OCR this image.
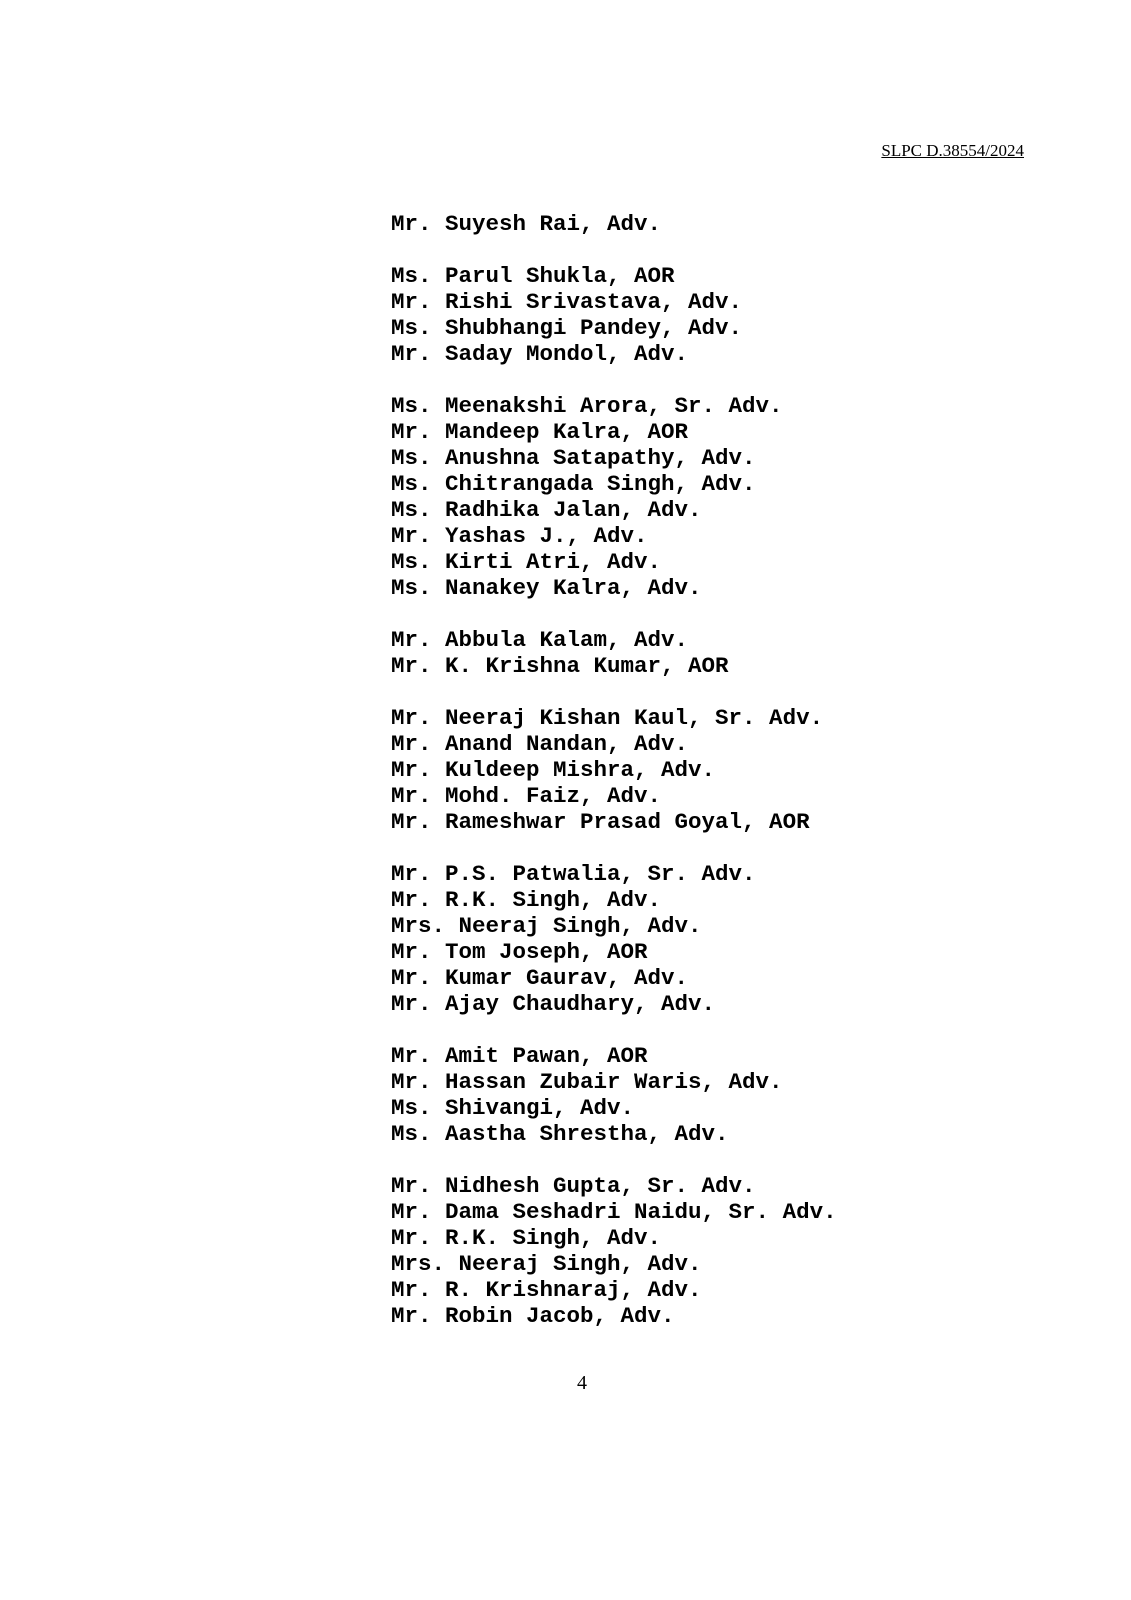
SLPC D.38554/2024
Mr. Suyesh Rai, Adv.
Ms. Parul Shukla, AOR
Mr. Rishi Srivastava, Adv.
Ms. Shubhangi Pandey, Adv.
Mr. Saday Mondol, Adv.
Ms. Meenakshi Arora, Sr. Adv.
Mr. Mandeep Kalra, AOR
Ms. Anushna Satapathy, Adv.
Ms. Chitrangada Singh, Adv.
Ms. Radhika Jalan, Adv.
Mr. Yashas J., Adv.
Ms. Kirti Atri, Adv.
Ms. Nanakey Kalra, Adv.
Mr. Abbula Kalam, Adv.
Mr. K. Krishna Kumar, AOR
Mr. Neeraj Kishan Kaul, Sr. Adv.
Mr. Anand Nandan, Adv.
Mr. Kuldeep Mishra, Adv.
Mr. Mohd. Faiz, Adv.
Mr. Rameshwar Prasad Goyal, AOR
Mr. P.S. Patwalia, Sr. Adv.
Mr. R.K. Singh, Adv.
Mrs. Neeraj Singh, Adv.
Mr. Tom Joseph, AOR
Mr. Kumar Gaurav, Adv.
Mr. Ajay Chaudhary, Adv.
Mr. Amit Pawan, AOR
Mr. Hassan Zubair Waris, Adv.
Ms. Shivangi, Adv.
Ms. Aastha Shrestha, Adv.
Mr. Nidhesh Gupta, Sr. Adv.
Mr. Dama Seshadri Naidu, Sr. Adv.
Mr. R.K. Singh, Adv.
Mrs. Neeraj Singh, Adv.
Mr. R. Krishnaraj, Adv.
Mr. Robin Jacob, Adv.
4
